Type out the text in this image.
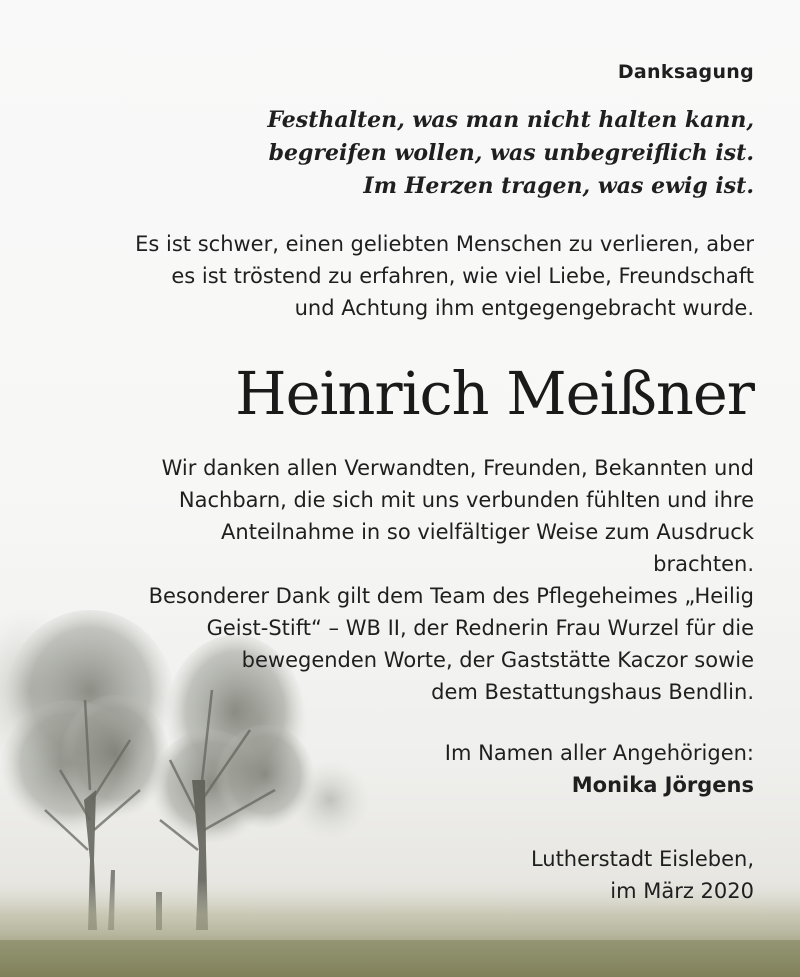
Danksagung
Festhalten, was man nicht halten kann,
begreifen wollen, was unbegreiflich ist.
Im Herzen tragen, was ewig ist.
Es ist schwer, einen geliebten Menschen zu verlieren, aber
es ist tröstend zu erfahren, wie viel Liebe, Freundschaft
und Achtung ihm entgegengebracht wurde.
Heinrich Meißner
Wir danken allen Verwandten, Freunden, Bekannten und
Nachbarn, die sich mit uns verbunden fühlten und ihre
Anteilnahme in so vielfältiger Weise zum Ausdruck
brachten.
Besonderer Dank gilt dem Team des Pflegeheimes „Heilig
Geist-Stift“ – WB II, der Rednerin Frau Wurzel für die
bewegenden Worte, der Gaststätte Kaczor sowie
dem Bestattungshaus Bendlin.
Im Namen aller Angehörigen:
Monika Jörgens
Lutherstadt Eisleben,
im März 2020
